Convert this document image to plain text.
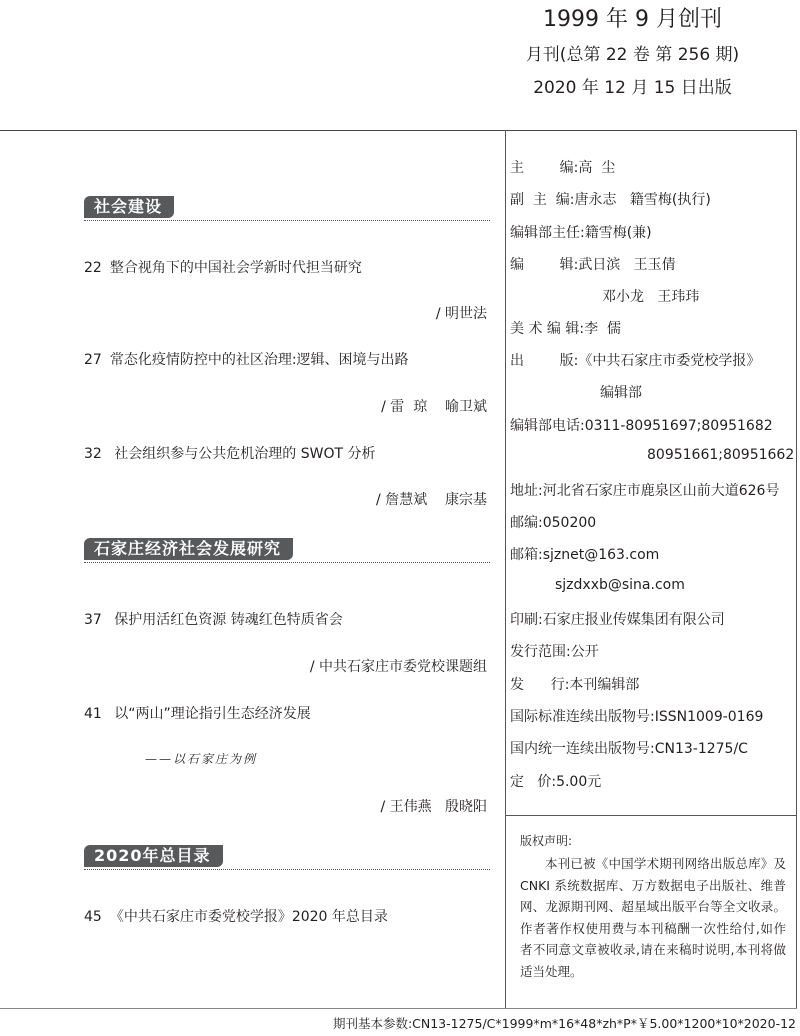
1999 年 9 月创刊
月刊(总第 22 卷 第 256 期)
2020 年 12 月 15 日出版
社会建设
22 整合视角下的中国社会学新时代担当研究
/ 明世法
27 常态化疫情防控中的社区治理:逻辑、困境与出路
/ 雷  琼    喻卫斌
32 社会组织参与公共危机治理的 SWOT 分析
/ 詹慧斌    康宗基
石家庄经济社会发展研究
37 保护用活红色资源 铸魂红色特质省会
/ 中共石家庄市委党校课题组
41 以“两山”理论指引生态经济发展
——以石家庄为例
/ 王伟燕   殷晓阳
2020年总目录
45 《中共石家庄市委党校学报》2020 年总目录
主        编:高  尘
副  主  编:唐永志   籍雪梅(执行)
编辑部主任:籍雪梅(兼)
编        辑:武日滨   王玉倩
邓小龙   王玮玮
美 术 编 辑:李  儒
出        版:《中共石家庄市委党校学报》
编辑部
编辑部电话:0311-80951697;80951682
80951661;80951662
地址:河北省石家庄市鹿泉区山前大道626号
邮编:050200
邮箱:sjznet@163.com
sjzdxxb@sina.com
印刷:石家庄报业传媒集团有限公司
发行范围:公开
发      行:本刊编辑部
国际标准连续出版物号:ISSN1009-0169
国内统一连续出版物号:CN13-1275/C
定   价:5.00元
版权声明:

本刊已被《中国学术期刊网络出版总库》及 CNKI 系统数据库、万方数据电子出版社、维普网、龙源期刊网、超星域出版平台等全文收录。作者著作权使用费与本刊稿酬一次性给付,如作者不同意文章被收录,请在来稿时说明,本刊将做适当处理。

期刊基本参数:CN13-1275/C*1999*m*16*48*zh*P*￥5.00*1200*10*2020-12
